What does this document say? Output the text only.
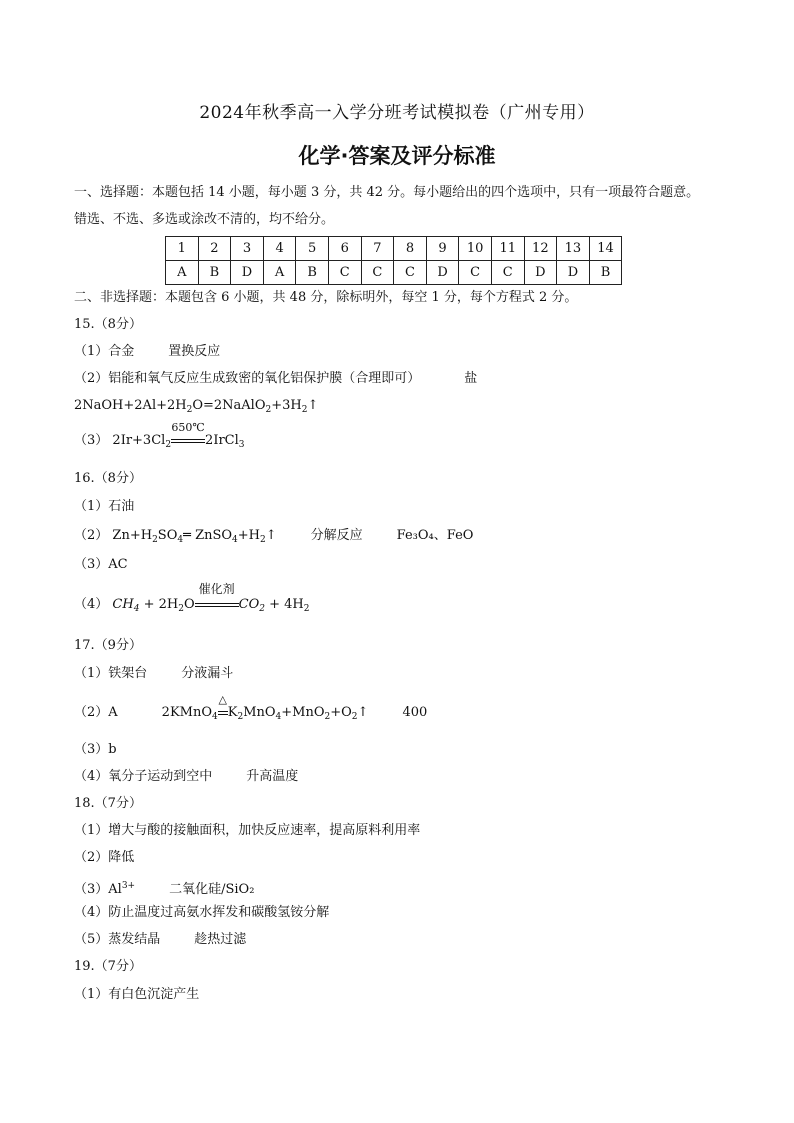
2024年秋季高一入学分班考试模拟卷（广州专用）
化学·答案及评分标准
一、选择题：本题包括 14 小题，每小题 3 分，共 42 分。每小题给出的四个选项中，只有一项最符合题意。
错选、不选、多选或涂改不清的，均不给分。
1	2	3	4	5	6	7	8	9	10	11	12	13	14
A	B	D	A	B	C	C	C	D	C	C	D	D	B
二、非选择题：本题包含 6 小题，共 48 分，除标明外，每空 1 分，每个方程式 2 分。
15.（8分）
（1）合金	置换反应
（2）铝能和氧气反应生成致密的氧化铝保护膜（合理即可）	盐
$2NaOH+2Al+2H_2O=2NaAlO_2+3H_2↑$
（3） $2Ir+3Cl_2$
650℃
2IrCl$_3$
16.（8分）
（1）石油
（2） $Zn+H_2SO_4═$ $ZnSO_4+H_2↑$	分解反应	Fe₃O₄、FeO
（3）AC
（4） $CH_4 + 2H_2O$
催化剂
$CO_2 + 4H_2$
17.（9分）
（1）铁架台	分液漏斗
（2）A	2KMnO$_4$
△
$K_2MnO_4+MnO_2+O_2↑$	400
（3）b
（4）氧分子运动到空中	升高温度
18.（7分）
（1）增大与酸的接触面积，加快反应速率，提高原料利用率
（2）降低
$(3)Al^{3+}$	二氧化硅/SiO₂
（4）防止温度过高氨水挥发和碳酸氢铵分解
（5）蒸发结晶	趁热过滤
19.（7分）
（1）有白色沉淀产生
